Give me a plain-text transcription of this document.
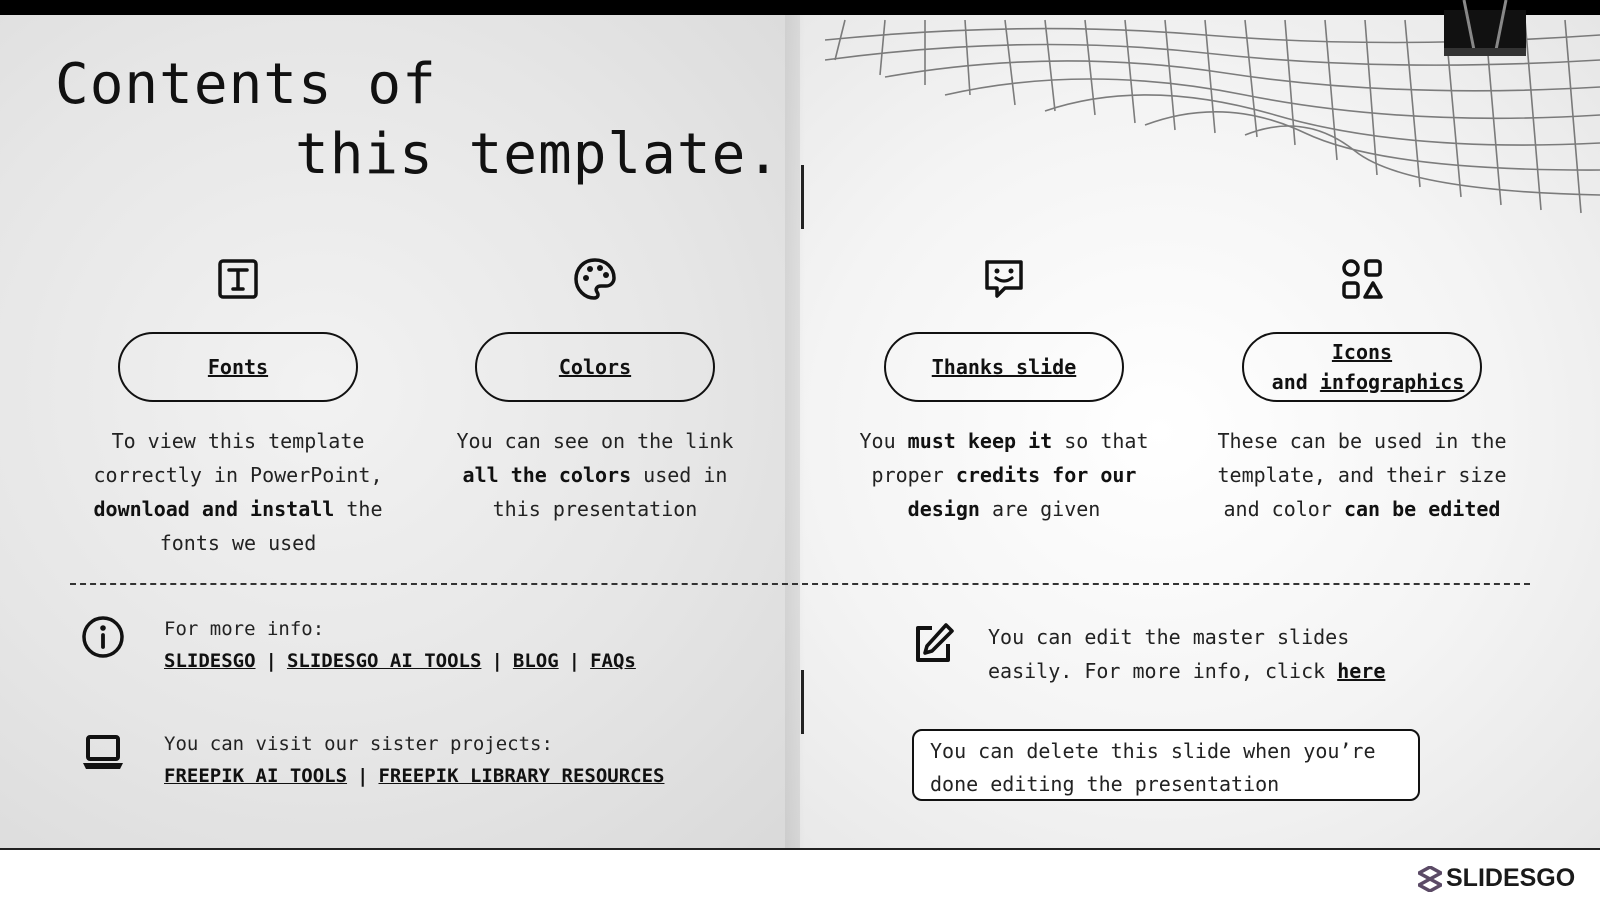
Contents of
this template.
Fonts
To view this template correctly in PowerPoint, download and install the fonts we used
Colors
You can see on the link all the colors used in this presentation
Thanks slide
You must keep it so that proper credits for our design are given
Icons and infographics
These can be used in the template, and their size and color can be edited
For more info:
SLIDESGO | SLIDESGO AI TOOLS | BLOG | FAQs
You can visit our sister projects:
FREEPIK AI TOOLS | FREEPIK LIBRARY RESOURCES
You can edit the master slides easily. For more info, click here
You can delete this slide when you’re done editing the presentation
SLIDESGO
